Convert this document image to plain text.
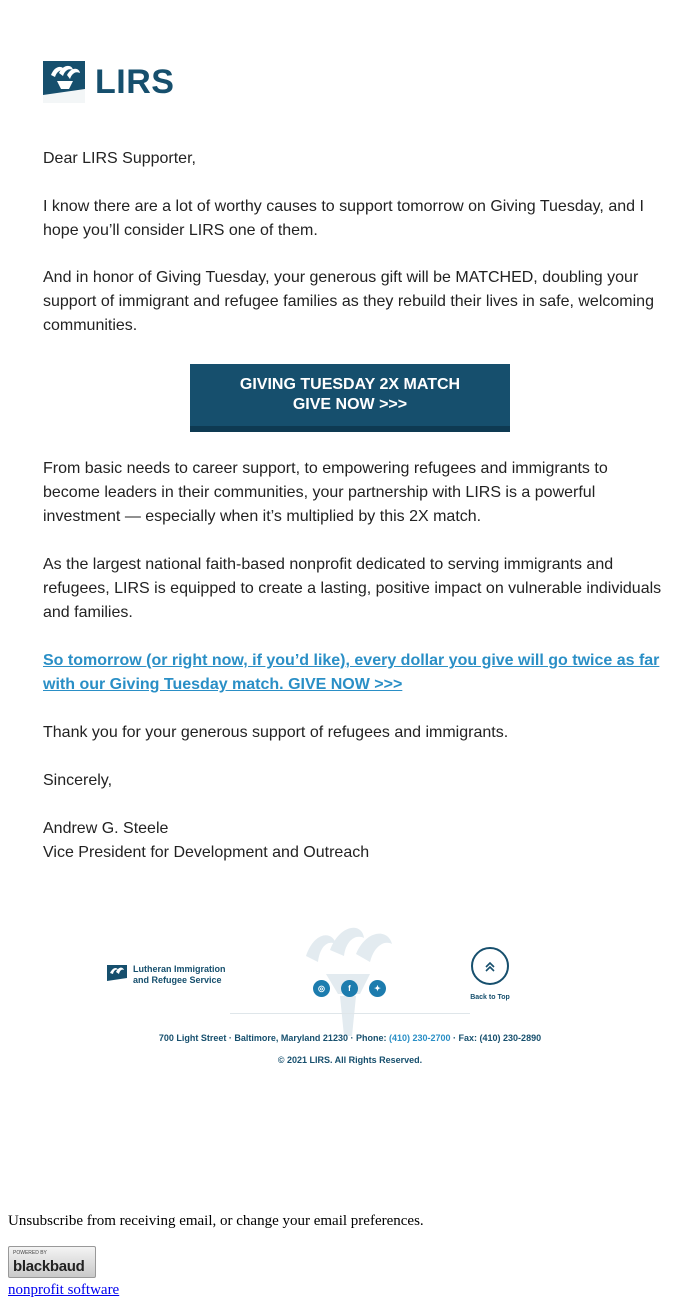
LIRS

Dear LIRS Supporter,

I know there are a lot of worthy causes to support tomorrow on Giving Tuesday, and I hope you’ll consider LIRS one of them.

And in honor of Giving Tuesday, your generous gift will be MATCHED, doubling your support of immigrant and refugee families as they rebuild their lives in safe, welcoming communities.

GIVING TUESDAY 2X MATCH
GIVE NOW >>>

From basic needs to career support, to empowering refugees and immigrants to become leaders in their communities, your partnership with LIRS is a powerful investment — especially when it’s multiplied by this 2X match.

As the largest national faith-based nonprofit dedicated to serving immigrants and refugees, LIRS is equipped to create a lasting, positive impact on vulnerable individuals and families.

So tomorrow (or right now, if you’d like), every dollar you give will go twice as far with our Giving Tuesday match. GIVE NOW >>>

Thank you for your generous support of refugees and immigrants.

Sincerely,

Andrew G. Steele

Vice President for Development and Outreach

Lutheran Immigration
and Refugee Service
◎	f	✦
Back to Top
700 Light Street · Baltimore, Maryland 21230 · Phone: (410) 230-2700 · Fax: (410) 230-2890
© 2021 LIRS. All Rights Reserved.
Unsubscribe from receiving email, or change your email preferences.
POWERED BY
blackbaud
nonprofit software
